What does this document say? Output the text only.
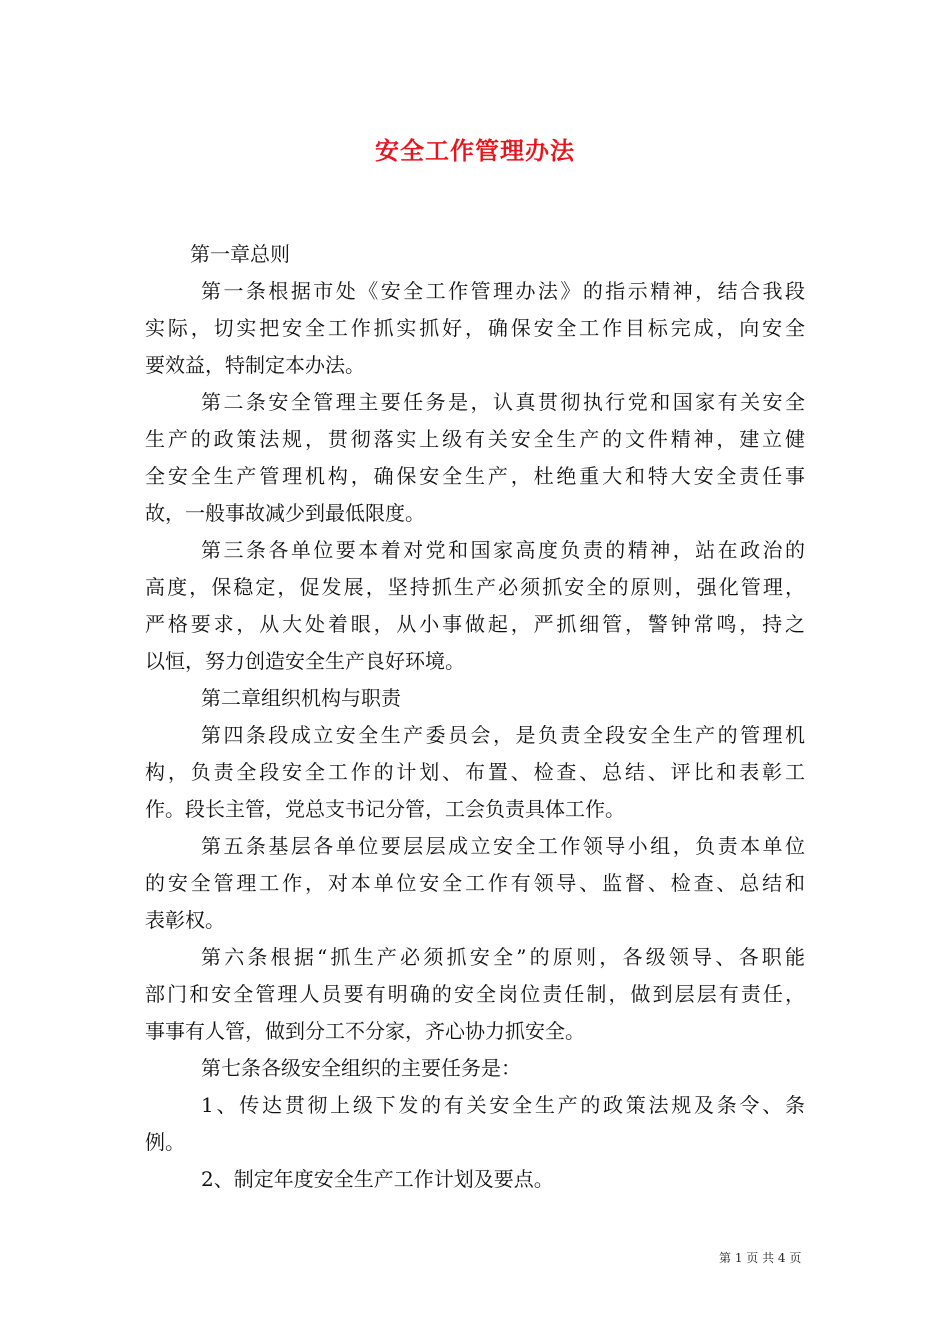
安全工作管理办法
第一章总则
第一条根据市处《安全工作管理办法》的指示精神，结合我段
实际，切实把安全工作抓实抓好，确保安全工作目标完成，向安全
要效益，特制定本办法。
第二条安全管理主要任务是，认真贯彻执行党和国家有关安全
生产的政策法规，贯彻落实上级有关安全生产的文件精神，建立健
全安全生产管理机构，确保安全生产，杜绝重大和特大安全责任事
故，一般事故减少到最低限度。
第三条各单位要本着对党和国家高度负责的精神，站在政治的
高度，保稳定，促发展，坚持抓生产必须抓安全的原则，强化管理，
严格要求，从大处着眼，从小事做起，严抓细管，警钟常鸣，持之
以恒，努力创造安全生产良好环境。
第二章组织机构与职责
第四条段成立安全生产委员会，是负责全段安全生产的管理机
构，负责全段安全工作的计划、布置、检查、总结、评比和表彰工
作。段长主管，党总支书记分管，工会负责具体工作。
第五条基层各单位要层层成立安全工作领导小组，负责本单位
的安全管理工作，对本单位安全工作有领导、监督、检查、总结和
表彰权。
第六条根据“抓生产必须抓安全”的原则，各级领导、各职能
部门和安全管理人员要有明确的安全岗位责任制，做到层层有责任，
事事有人管，做到分工不分家，齐心协力抓安全。
第七条各级安全组织的主要任务是：
1、传达贯彻上级下发的有关安全生产的政策法规及条令、条
例。
2、制定年度安全生产工作计划及要点。
第 1 页 共 4 页
